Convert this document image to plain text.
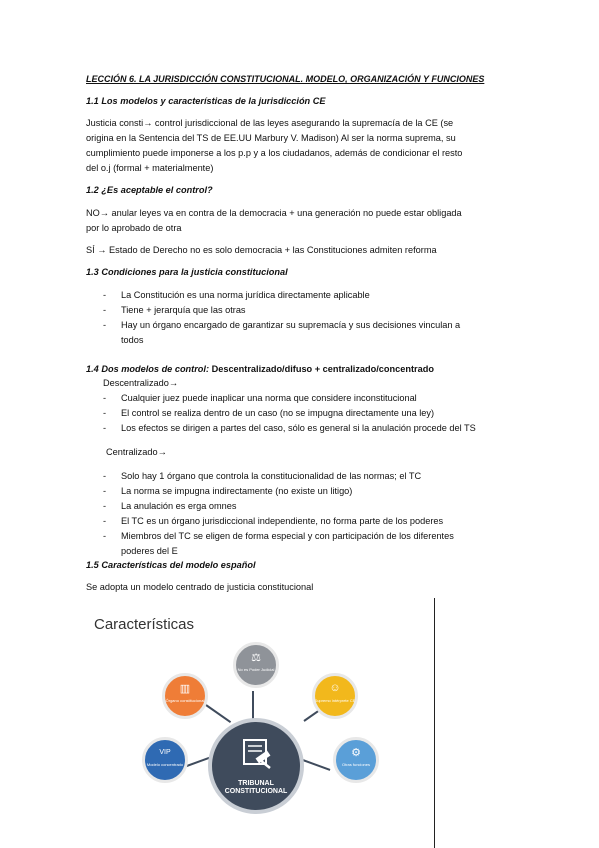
LECCIÓN 6. LA JURISDICCIÓN CONSTITUCIONAL. MODELO, ORGANIZACIÓN Y FUNCIONES
1.1 Los modelos y características de la jurisdicción CE
Justicia consti→ control jurisdiccional de las leyes asegurando la supremacía de la CE (se
origina en la Sentencia del TS de EE.UU Marbury V. Madison) Al ser la norma suprema, su
cumplimiento puede imponerse a los p.p y a los ciudadanos, además de condicionar el resto
del o.j (formal + materialmente)
1.2 ¿Es aceptable el control?
NO→ anular leyes va en contra de la democracia + una generación no puede estar obligada
por lo aprobado de otra
SÍ → Estado de Derecho no es solo democracia + las Constituciones admiten reforma
1.3 Condiciones para la justicia constitucional
- La Constitución es una norma jurídica directamente aplicable
- Tiene + jerarquía que las otras
- Hay un órgano encargado de garantizar su supremacía y sus decisiones vinculan a
todos
1.4 Dos modelos de control: Descentralizado/difuso + centralizado/concentrado
Descentralizado→
- Cualquier juez puede inaplicar una norma que considere inconstitucional
- El control se realiza dentro de un caso (no se impugna directamente una ley)
- Los efectos se dirigen a partes del caso, sólo es general si la anulación procede del TS
Centralizado→
- Solo hay 1 órgano que controla la constitucionalidad de las normas; el TC
- La norma se impugna indirectamente (no existe un litigo)
- La anulación es erga omnes
- El TC es un órgano jurisdiccional independiente, no forma parte de los poderes
- Miembros del TC se eligen de forma especial y con participación de los diferentes
poderes del E
1.5 Características del modelo español
Se adopta un modelo centrado de justicia constitucional
Características
⚖
No es Poder Judicial
▥
Órgano constitucional
☺
Supremo intérprete CE
VIP
Modelo concentrado
⚙
Otras funciones
TRIBUNAL
CONSTITUCIONAL
